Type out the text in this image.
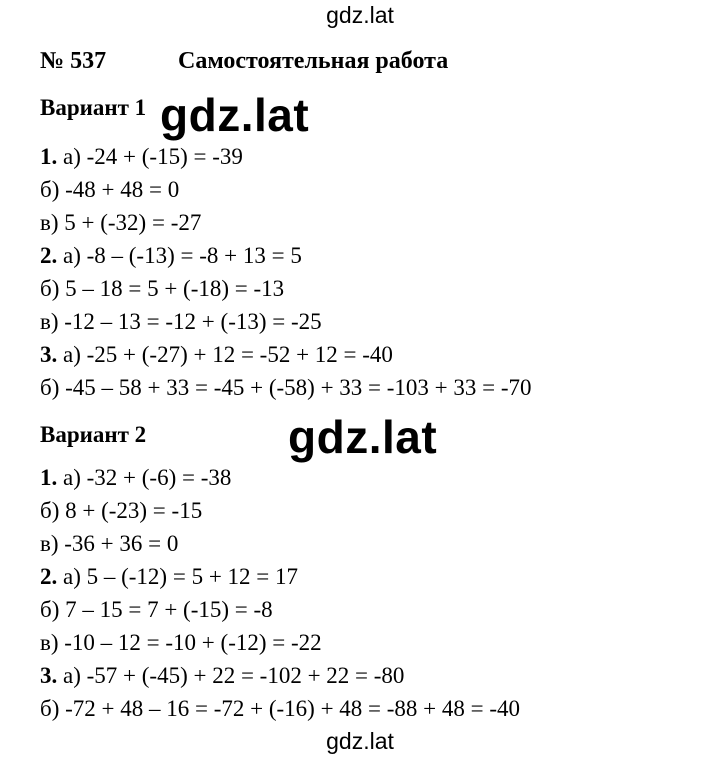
gdz.lat
№ 537	Самостоятельная работа
Вариант 1
1. а) -24 + (-15) = -39
б) -48 + 48 = 0
в) 5 + (-32) = -27
2. а) -8 – (-13) = -8 + 13 = 5
б) 5 – 18 = 5 + (-18) = -13
в) -12 – 13 = -12 + (-13) = -25
3. а) -25 + (-27) + 12 = -52 + 12 = -40
б) -45 – 58 + 33 = -45 + (-58) + 33 = -103 + 33 = -70
Вариант 2
1. а) -32 + (-6) = -38
б) 8 + (-23) = -15
в) -36 + 36 = 0
2. а) 5 – (-12) = 5 + 12 = 17
б) 7 – 15 = 7 + (-15) = -8
в) -10 – 12 = -10 + (-12) = -22
3. а) -57 + (-45) + 22 = -102 + 22 = -80
б) -72 + 48 – 16 = -72 + (-16) + 48 = -88 + 48 = -40
gdz.lat
gdz.lat
gdz.lat
